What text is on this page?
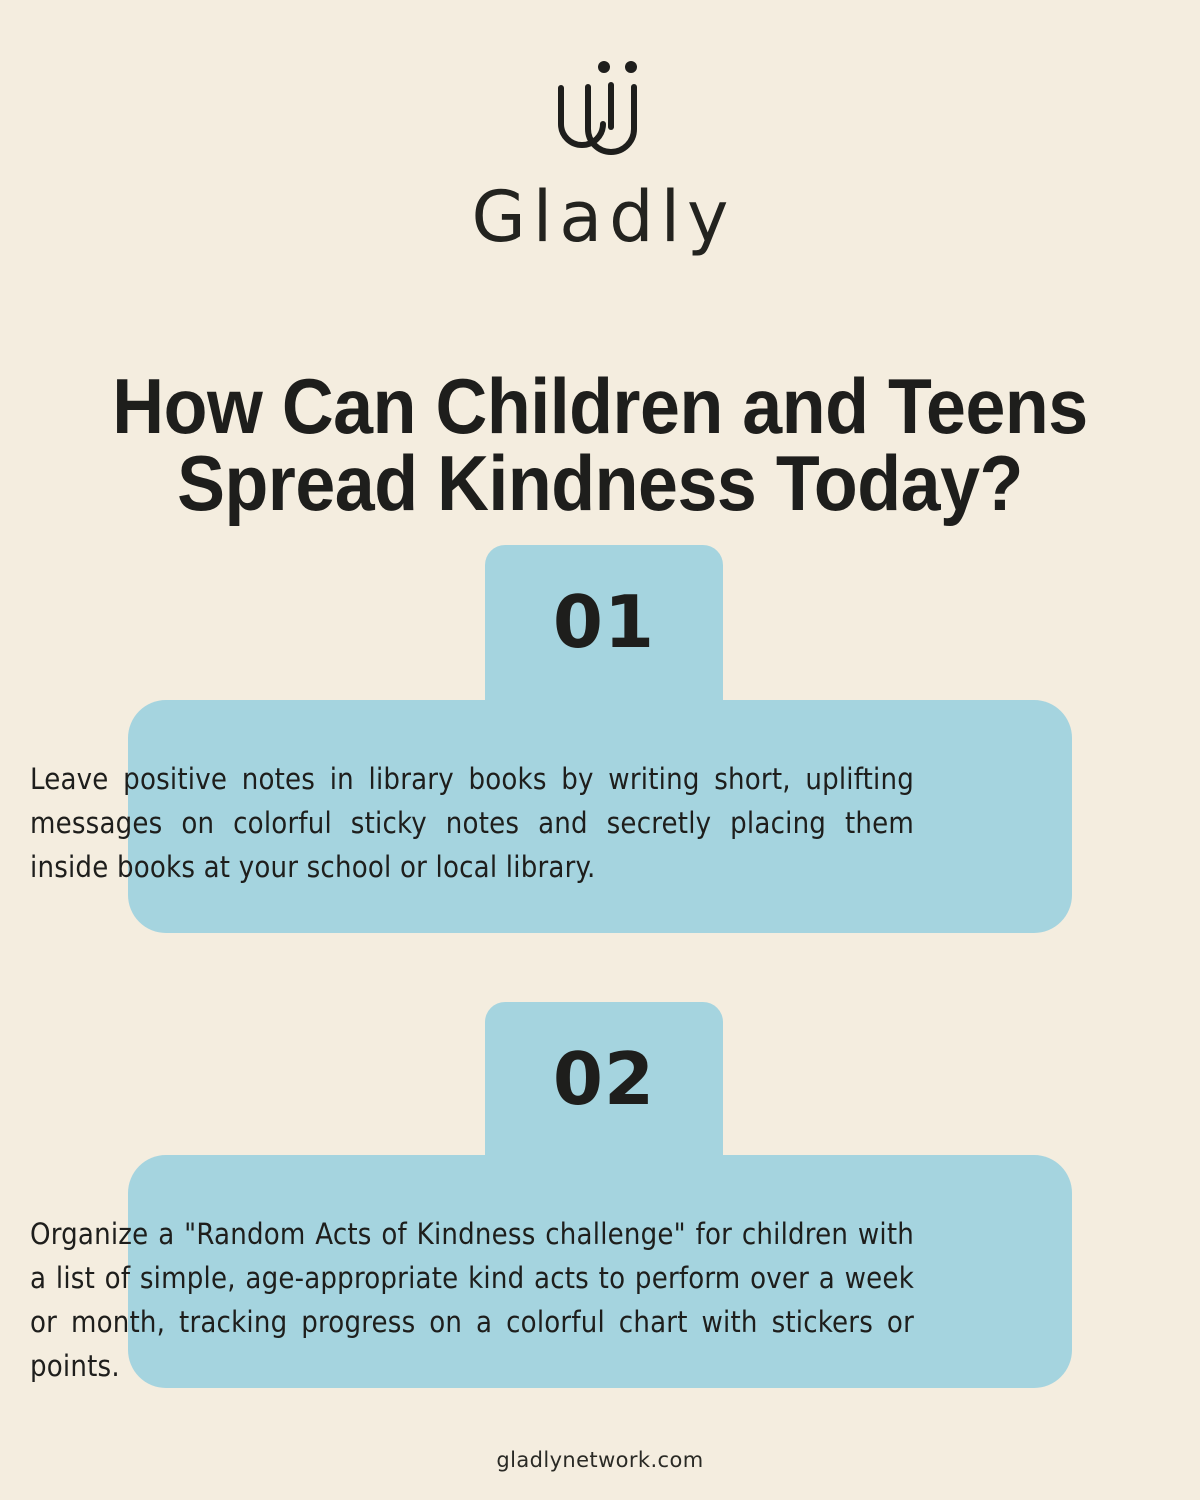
Gladly
How Can Children and Teens
Spread Kindness Today?
01

Leave positive notes in library books by writing short, uplifting messages on colorful sticky notes and secretly placing them inside books at your school or local library.

02

Organize a "Random Acts of Kindness challenge" for children with a list of simple, age-appropriate kind acts to perform over a week or month, tracking progress on a colorful chart with stickers or points.

gladlynetwork.com
